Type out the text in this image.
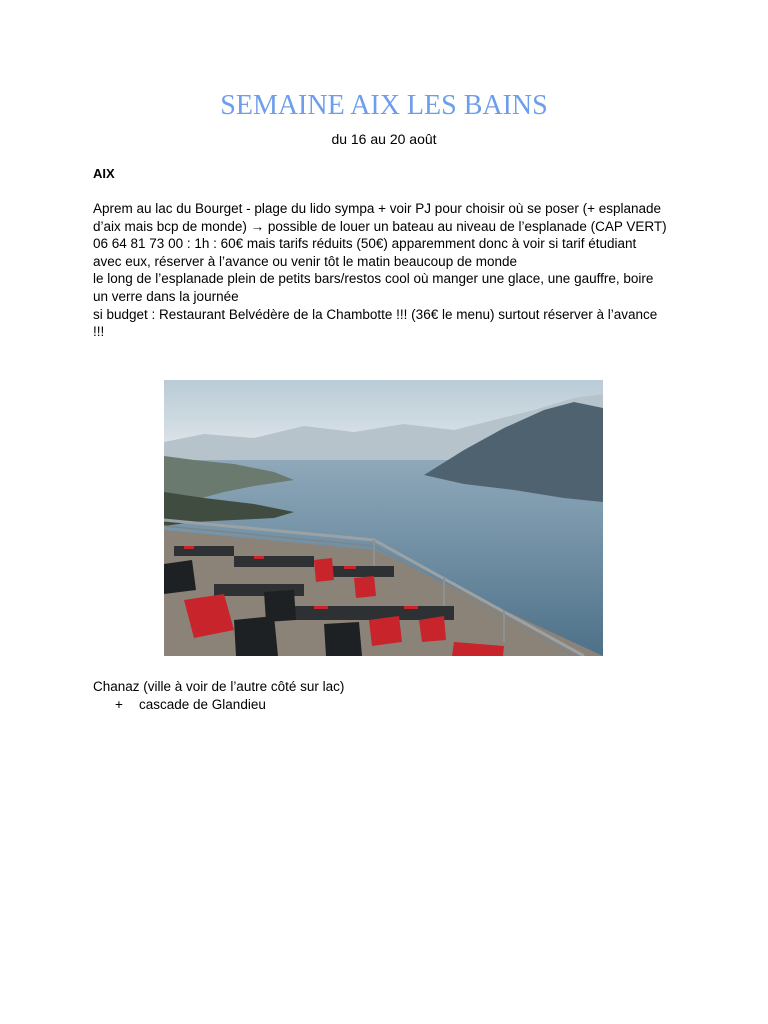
SEMAINE AIX LES BAINS
du 16 au 20 août
AIX

Aprem au lac du Bourget - plage du lido sympa + voir PJ pour choisir où se poser (+ esplanade d’aix mais bcp de monde) → possible de louer un bateau au niveau de l’esplanade (CAP VERT) 06 64 81 73 00 : 1h : 60€ mais tarifs réduits (50€) apparemment donc à voir si tarif étudiant avec eux, réserver à l’avance ou venir tôt le matin beaucoup de monde

le long de l’esplanade plein de petits bars/restos cool où manger une glace, une gauffre, boire un verre dans la journée

si budget : Restaurant Belvédère de la Chambotte !!! (36€ le menu) surtout réserver à l’avance !!!

Chanaz (ville à voir de l’autre côté sur lac)

+ cascade de Glandieu
